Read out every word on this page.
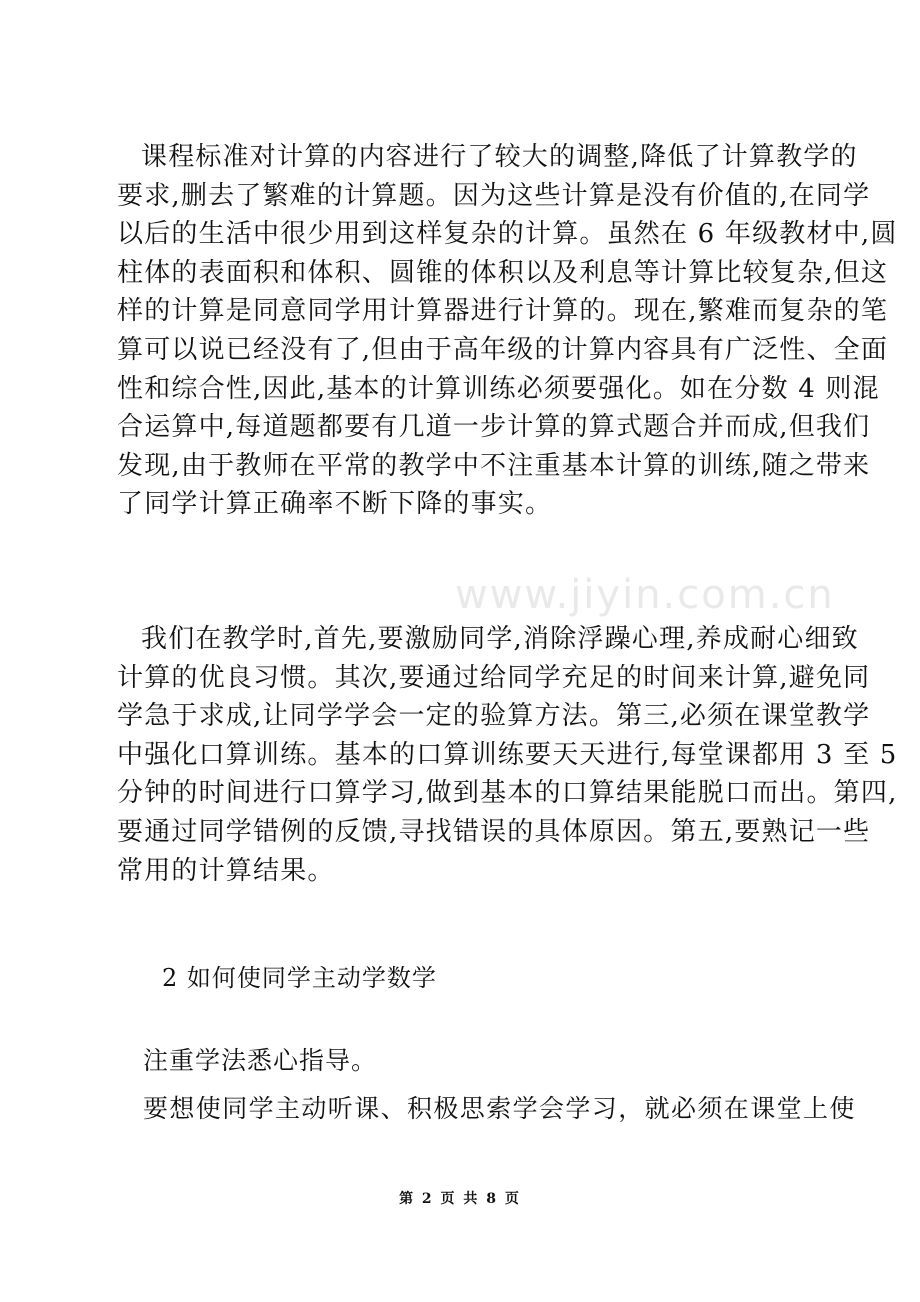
www.jiyin.com.cn
课程标准对计算的内容进行了较大的调整,降低了计算教学的
要求,删去了繁难的计算题。因为这些计算是没有价值的,在同学
以后的生活中很少用到这样复杂的计算。虽然在 6 年级教材中,圆
柱体的表面积和体积、圆锥的体积以及利息等计算比较复杂,但这
样的计算是同意同学用计算器进行计算的。现在,繁难而复杂的笔
算可以说已经没有了,但由于高年级的计算内容具有广泛性、全面
性和综合性,因此,基本的计算训练必须要强化。如在分数 4 则混
合运算中,每道题都要有几道一步计算的算式题合并而成,但我们
发现,由于教师在平常的教学中不注重基本计算的训练,随之带来
了同学计算正确率不断下降的事实。
我们在教学时,首先,要激励同学,消除浮躁心理,养成耐心细致
计算的优良习惯。其次,要通过给同学充足的时间来计算,避免同
学急于求成,让同学学会一定的验算方法。第三,必须在课堂教学
中强化口算训练。基本的口算训练要天天进行,每堂课都用 3 至 5
分钟的时间进行口算学习,做到基本的口算结果能脱口而出。第四,
要通过同学错例的反馈,寻找错误的具体原因。第五,要熟记一些
常用的计算结果。
2 如何使同学主动学数学
注重学法悉心指导。
要想使同学主动听课、积极思索学会学习，就必须在课堂上使
第 2 页 共 8 页
